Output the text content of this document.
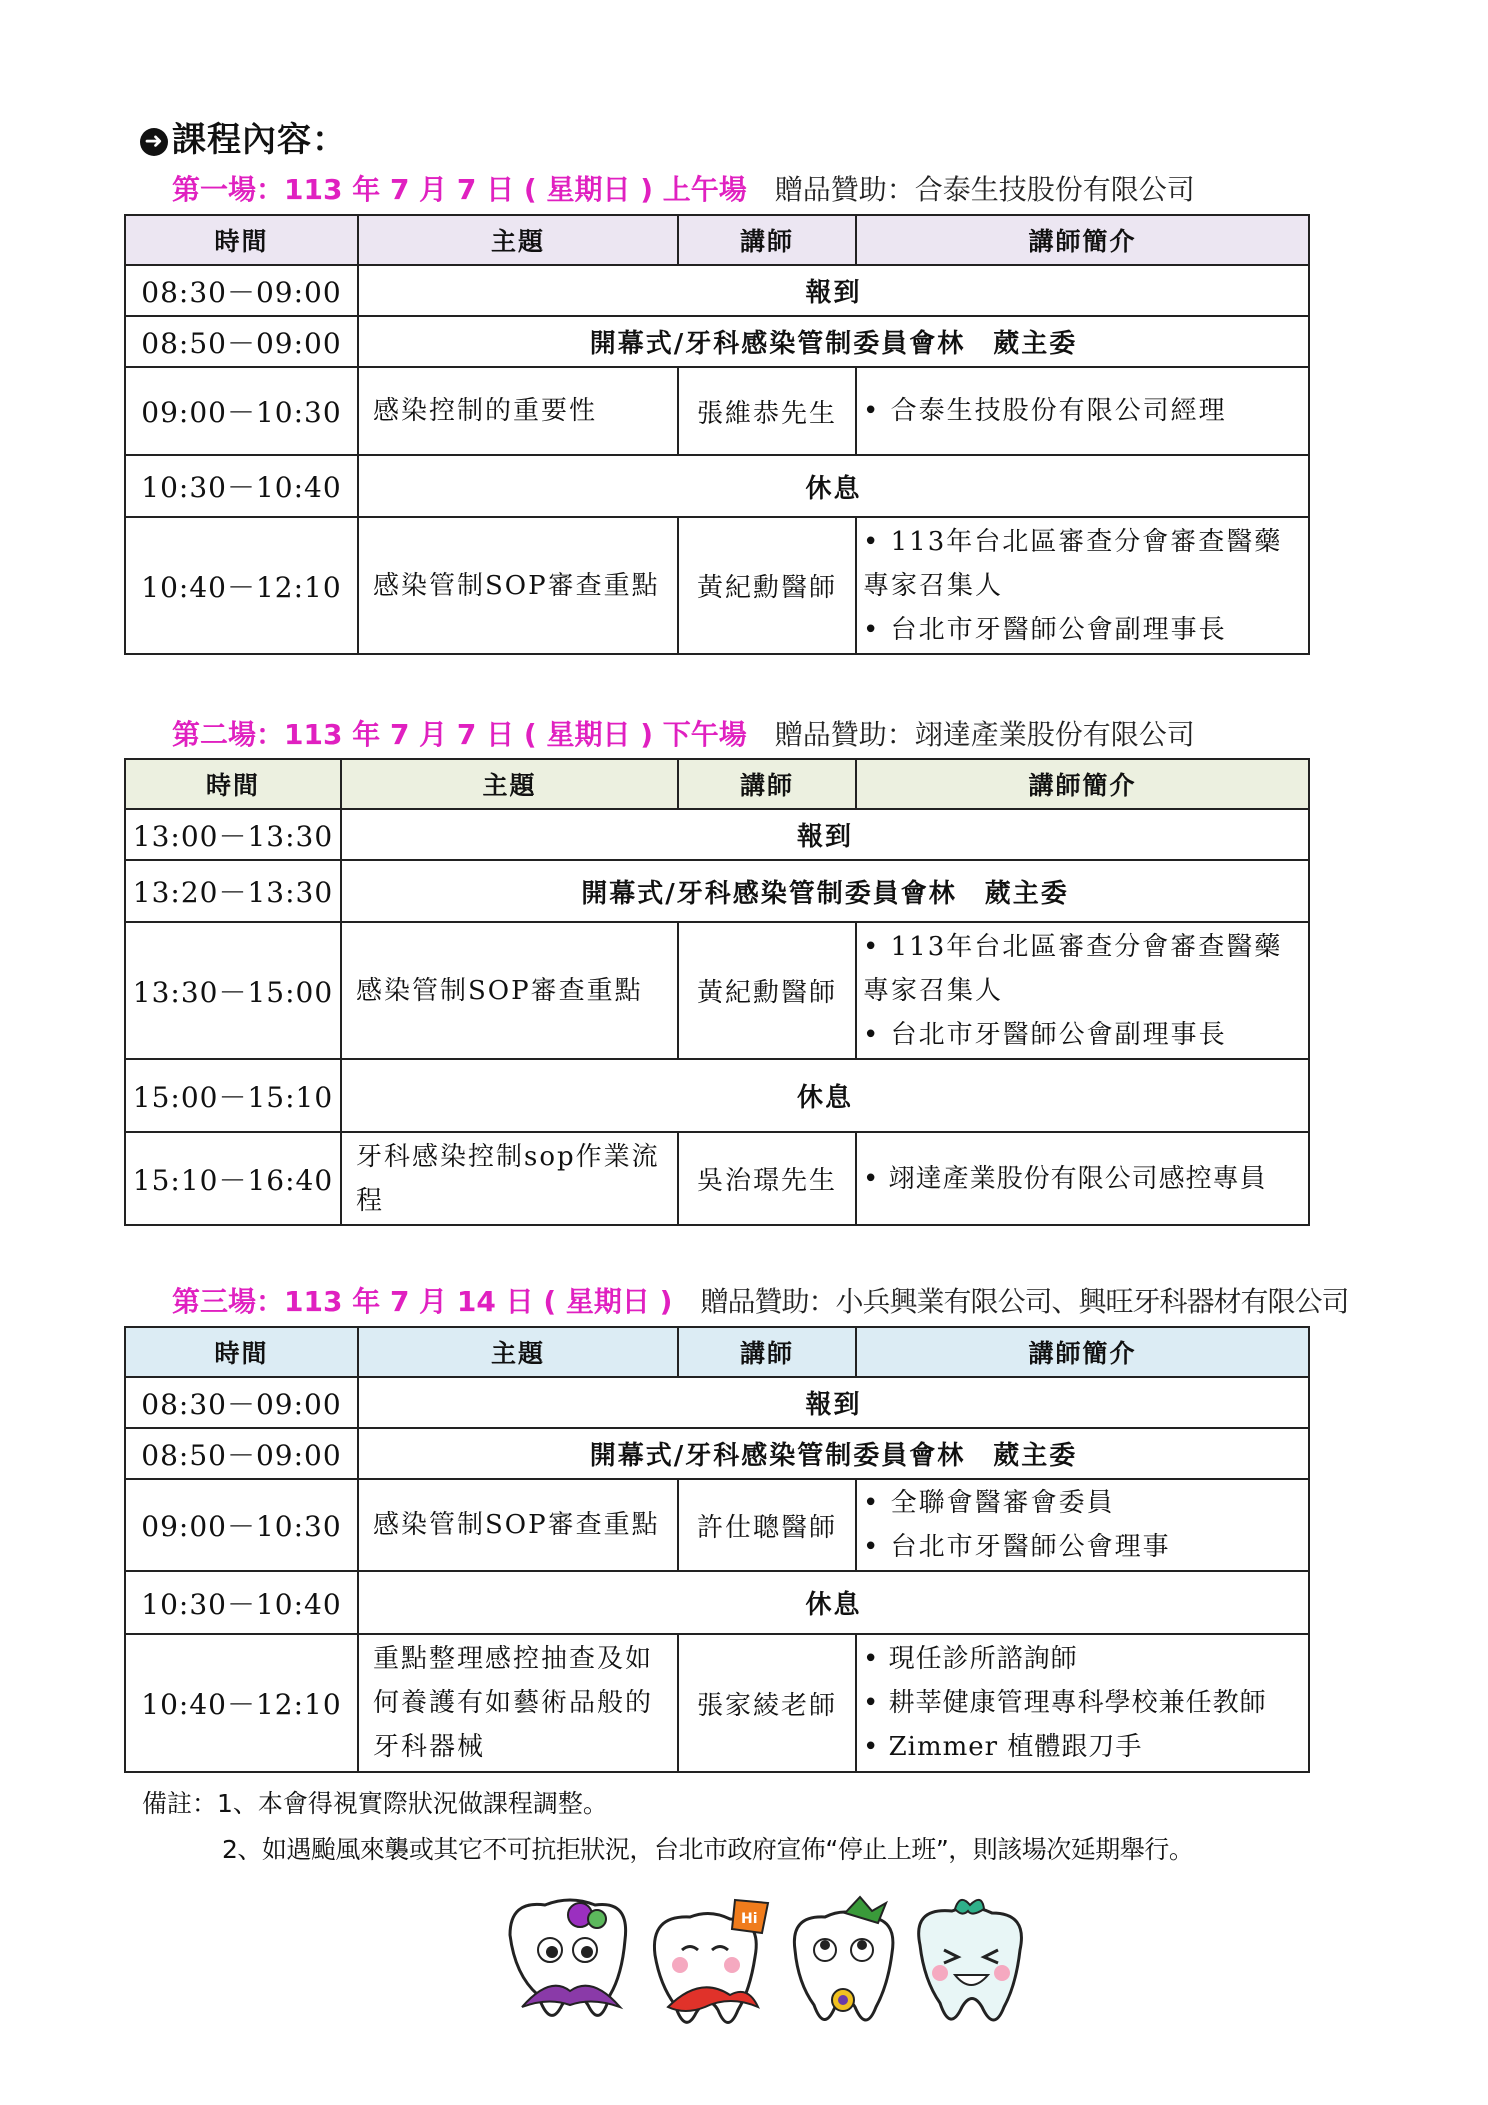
➜ 課程內容：
第一場：113 年 7 月 7 日 ( 星期日 ) 上午場 贈品贊助：合泰生技股份有限公司
時間	主題	講師	講師簡介
08:30－09:00	報到		
08:50－09:00	開幕式/牙科感染管制委員會林　葳主委		
09:00－10:30	感染控制的重要性	張維恭先生	• 合泰生技股份有限公司經理
10:30－10:40	休息		
10:40－12:10	感染管制SOP審查重點	黃紀勳醫師	• 113年台北區審查分會審查醫藥專家召集人
• 台北市牙醫師公會副理事長
第二場：113 年 7 月 7 日 ( 星期日 ) 下午場 贈品贊助：翊達產業股份有限公司
時間	主題	講師	講師簡介
13:00－13:30	報到		
13:20－13:30	開幕式/牙科感染管制委員會林　葳主委		
13:30－15:00	感染管制SOP審查重點	黃紀勳醫師	• 113年台北區審查分會審查醫藥專家召集人
• 台北市牙醫師公會副理事長

15:00－15:10	休息		
15:10－16:40	牙科感染控制sop作業流程	吳治璟先生	• 翊達產業股份有限公司感控專員
第三場：113 年 7 月 14 日 ( 星期日 ) 贈品贊助：小兵興業有限公司、興旺牙科器材有限公司
時間	主題	講師	講師簡介
08:30－09:00	報到		
08:50－09:00	開幕式/牙科感染管制委員會林　葳主委		
09:00－10:30	感染管制SOP審查重點	許仕聰醫師	• 全聯會醫審會委員
• 台北市牙醫師公會理事

10:30－10:40	休息		
10:40－12:10	重點整理感控抽查及如何養護有如藝術品般的牙科器械	張家綾老師	• 現任診所諮詢師
• 耕莘健康管理專科學校兼任教師
• Zimmer 植體跟刀手
備註：1、本會得視實際狀況做課程調整。
2、如遇颱風來襲或其它不可抗拒狀況，台北市政府宣佈“停止上班”，則該場次延期舉行。
Hi
